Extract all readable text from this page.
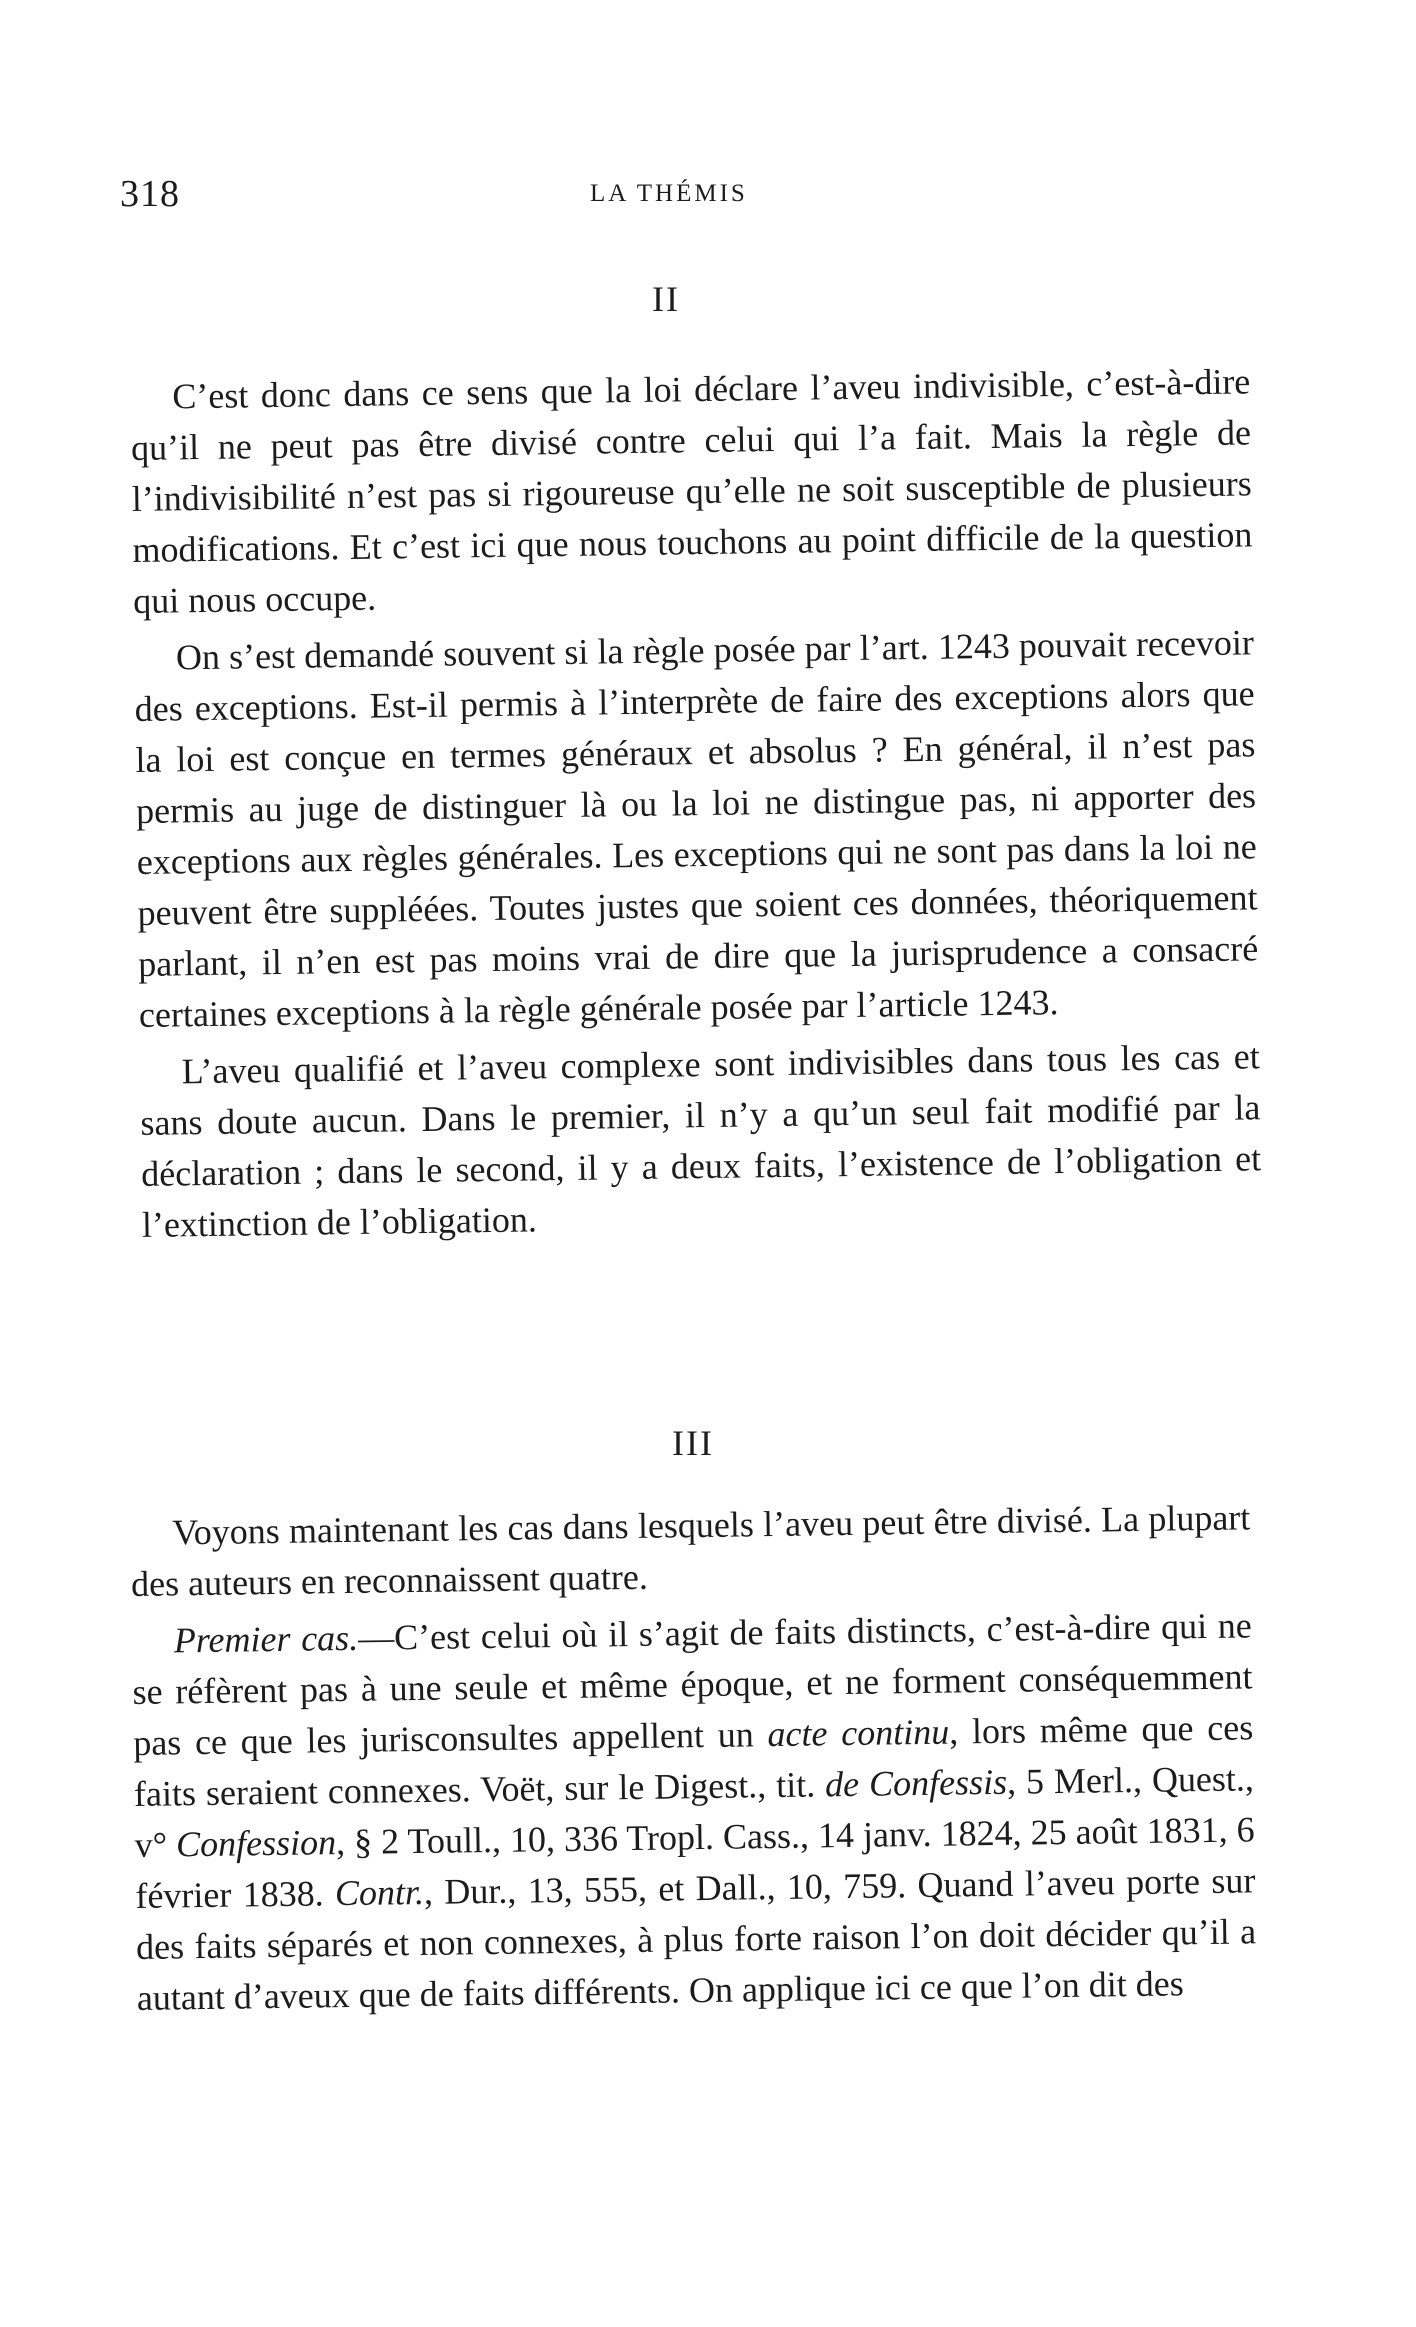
318	LA THÉMIS
II

C’est donc dans ce sens que la loi déclare l’aveu indivisible, c’est-à-dire qu’il ne peut pas être divisé contre celui qui l’a fait. Mais la règle de l’indivisibilité n’est pas si rigoureuse qu’elle ne soit susceptible de plusieurs modifications. Et c’est ici que nous touchons au point difficile de la question qui nous occupe.

On s’est demandé souvent si la règle posée par l’art. 1243 pouvait recevoir des exceptions. Est-il permis à l’interprète de faire des exceptions alors que la loi est conçue en termes généraux et absolus ? En général, il n’est pas permis au juge de distinguer là ou la loi ne distingue pas, ni apporter des exceptions aux règles générales. Les exceptions qui ne sont pas dans la loi ne peuvent être suppléées. Toutes justes que soient ces données, théoriquement parlant, il n’en est pas moins vrai de dire que la jurisprudence a consacré certaines exceptions à la règle générale posée par l’article 1243.

L’aveu qualifié et l’aveu complexe sont indivisibles dans tous les cas et sans doute aucun. Dans le premier, il n’y a qu’un seul fait modifié par la déclaration ; dans le second, il y a deux faits, l’existence de l’obligation et l’extinction de l’obligation.

III

Voyons maintenant les cas dans lesquels l’aveu peut être divisé. La plupart des auteurs en reconnaissent quatre.

Premier cas.—C’est celui où il s’agit de faits distincts, c’est-à-dire qui ne se réfèrent pas à une seule et même époque, et ne forment conséquemment pas ce que les jurisconsultes appellent un acte continu, lors même que ces faits seraient connexes. Voët, sur le Digest., tit. de Confessis, 5 Merl., Quest., v° Confession, § 2 Toull., 10, 336 Tropl. Cass., 14 janv. 1824, 25 août 1831, 6 février 1838. Contr., Dur., 13, 555, et Dall., 10, 759. Quand l’aveu porte sur des faits séparés et non connexes, à plus forte raison l’on doit décider qu’il a autant d’aveux que de faits différents. On applique ici ce que l’on dit des
